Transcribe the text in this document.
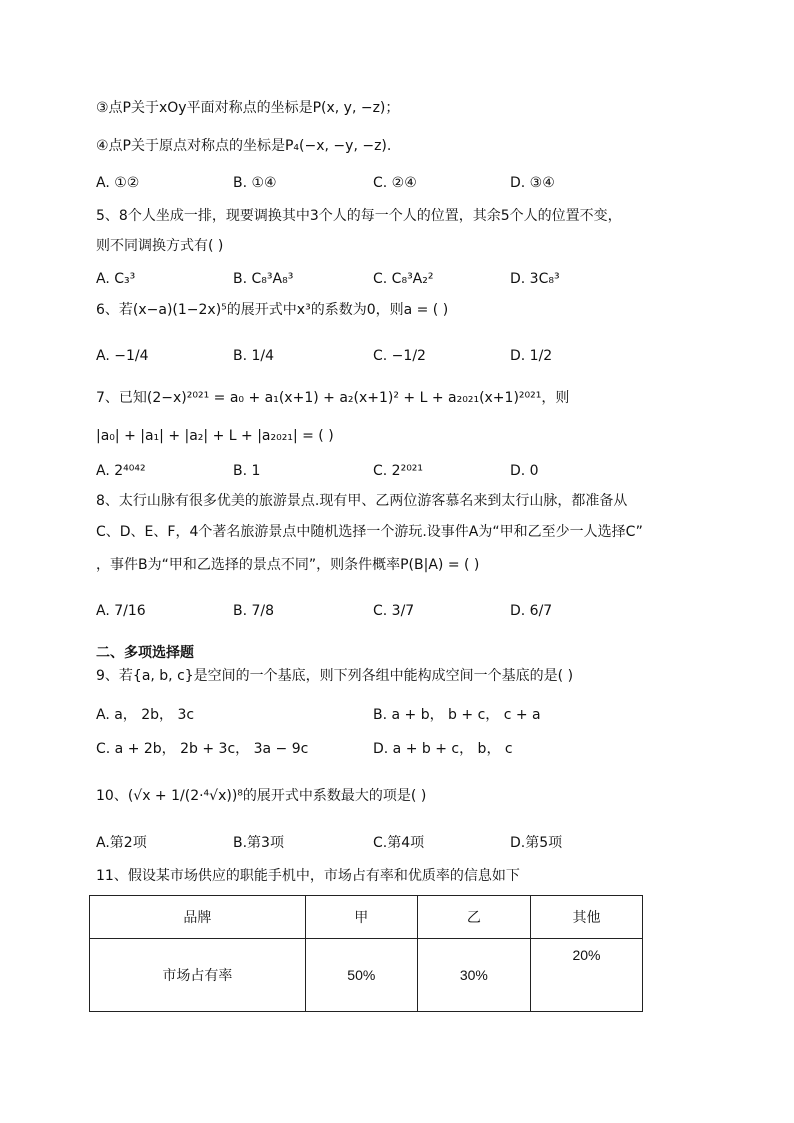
③点P关于xOy平面对称点的坐标是P(x, y, −z)；
④点P关于原点对称点的坐标是P₄(−x, −y, −z).
A. ①②	B. ①④	C. ②④	D. ③④
5、8个人坐成一排，现要调换其中3个人的每一个人的位置，其余5个人的位置不变，
则不同调换方式有( )
A. C₃³	B. C₈³A₈³	C. C₈³A₂²	D. 3C₈³
6、若(x−a)(1−2x)⁵的展开式中x³的系数为0，则a = ( )
A. −1/4	B. 1/4	C. −1/2	D. 1/2
7、已知(2−x)²⁰²¹ = a₀ + a₁(x+1) + a₂(x+1)² + L + a₂₀₂₁(x+1)²⁰²¹，则
|a₀| + |a₁| + |a₂| + L + |a₂₀₂₁| = ( )
A. 2⁴⁰⁴²	B. 1	C. 2²⁰²¹	D. 0
8、太行山脉有很多优美的旅游景点.现有甲、乙两位游客慕名来到太行山脉，都准备从
C、D、E、F，4个著名旅游景点中随机选择一个游玩.设事件A为“甲和乙至少一人选择C”
，事件B为“甲和乙选择的景点不同”，则条件概率P(B|A) = ( )
A. 7/16	B. 7/8	C. 3/7	D. 6/7
二、多项选择题
9、若{a, b, c}是空间的一个基底，则下列各组中能构成空间一个基底的是( )
A. a， 2b， 3c	B. a + b， b + c， c + a
C. a + 2b， 2b + 3c， 3a − 9c	D. a + b + c， b， c
10、(√x + 1/(2·⁴√x))⁸的展开式中系数最大的项是( )
A.第2项	B.第3项	C.第4项	D.第5项
11、假设某市场供应的职能手机中，市场占有率和优质率的信息如下
品牌	甲	乙	其他
市场占有率	50%	30%	20%
